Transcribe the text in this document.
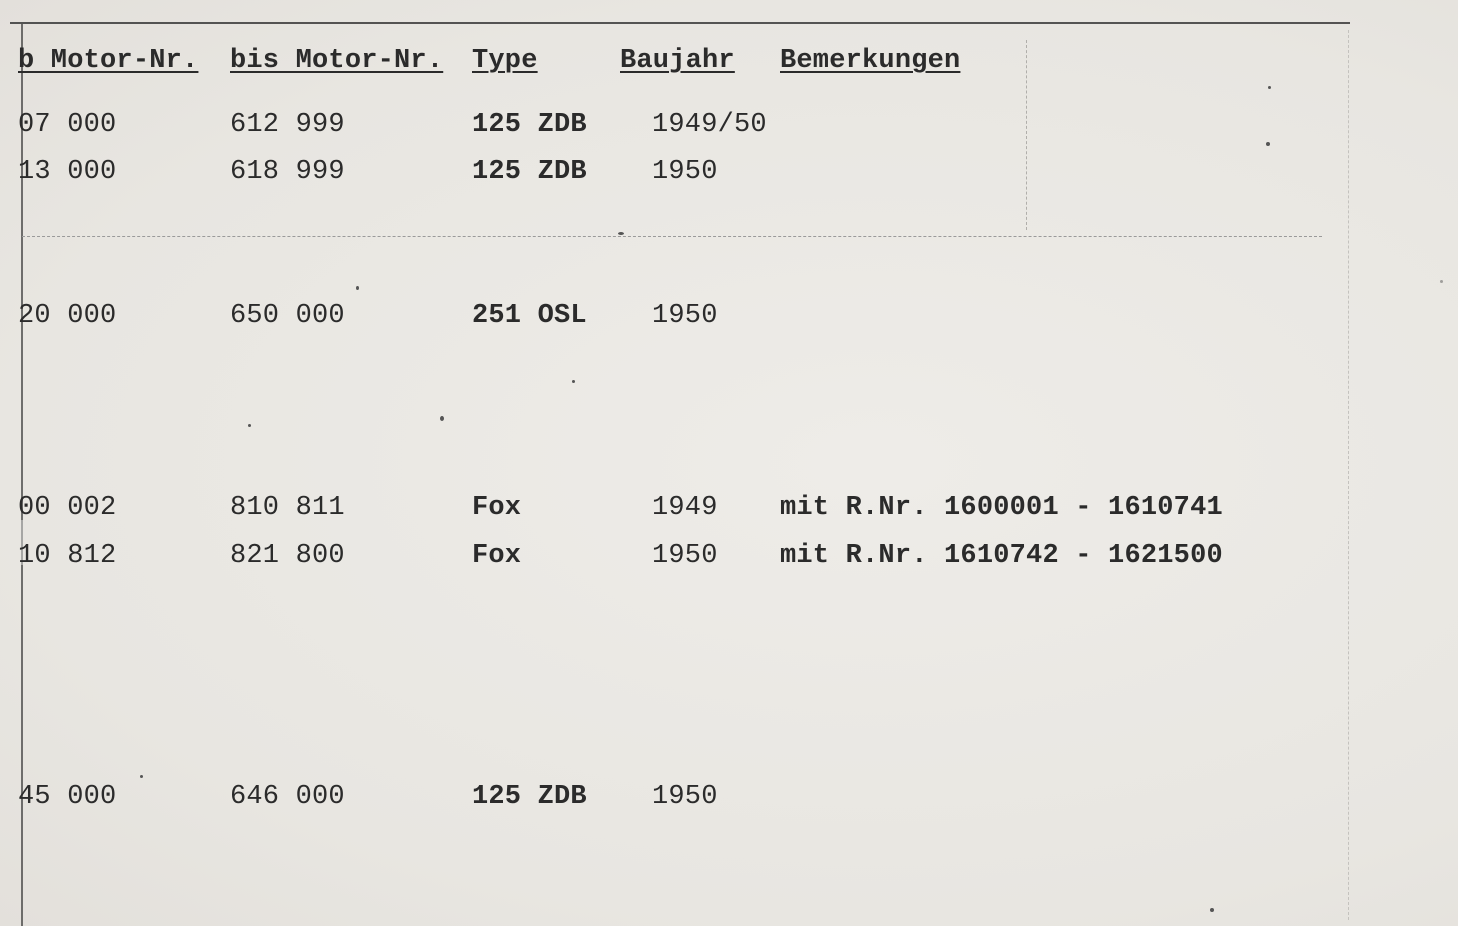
b Motor-Nr. bis Motor-Nr. Type	Baujahr Bemerkungen
07 000	612 999	125 ZDB 1949/50
13 000	618 999	125 ZDB 1950
20 000	650 000	251 OSL 1950
00 002	810 811	Fox	1949 mit R.Nr. 1600001 - 1610741
10 812	821 800	Fox	1950 mit R.Nr. 1610742 - 1621500
45 000	646 000	125 ZDB 1950
